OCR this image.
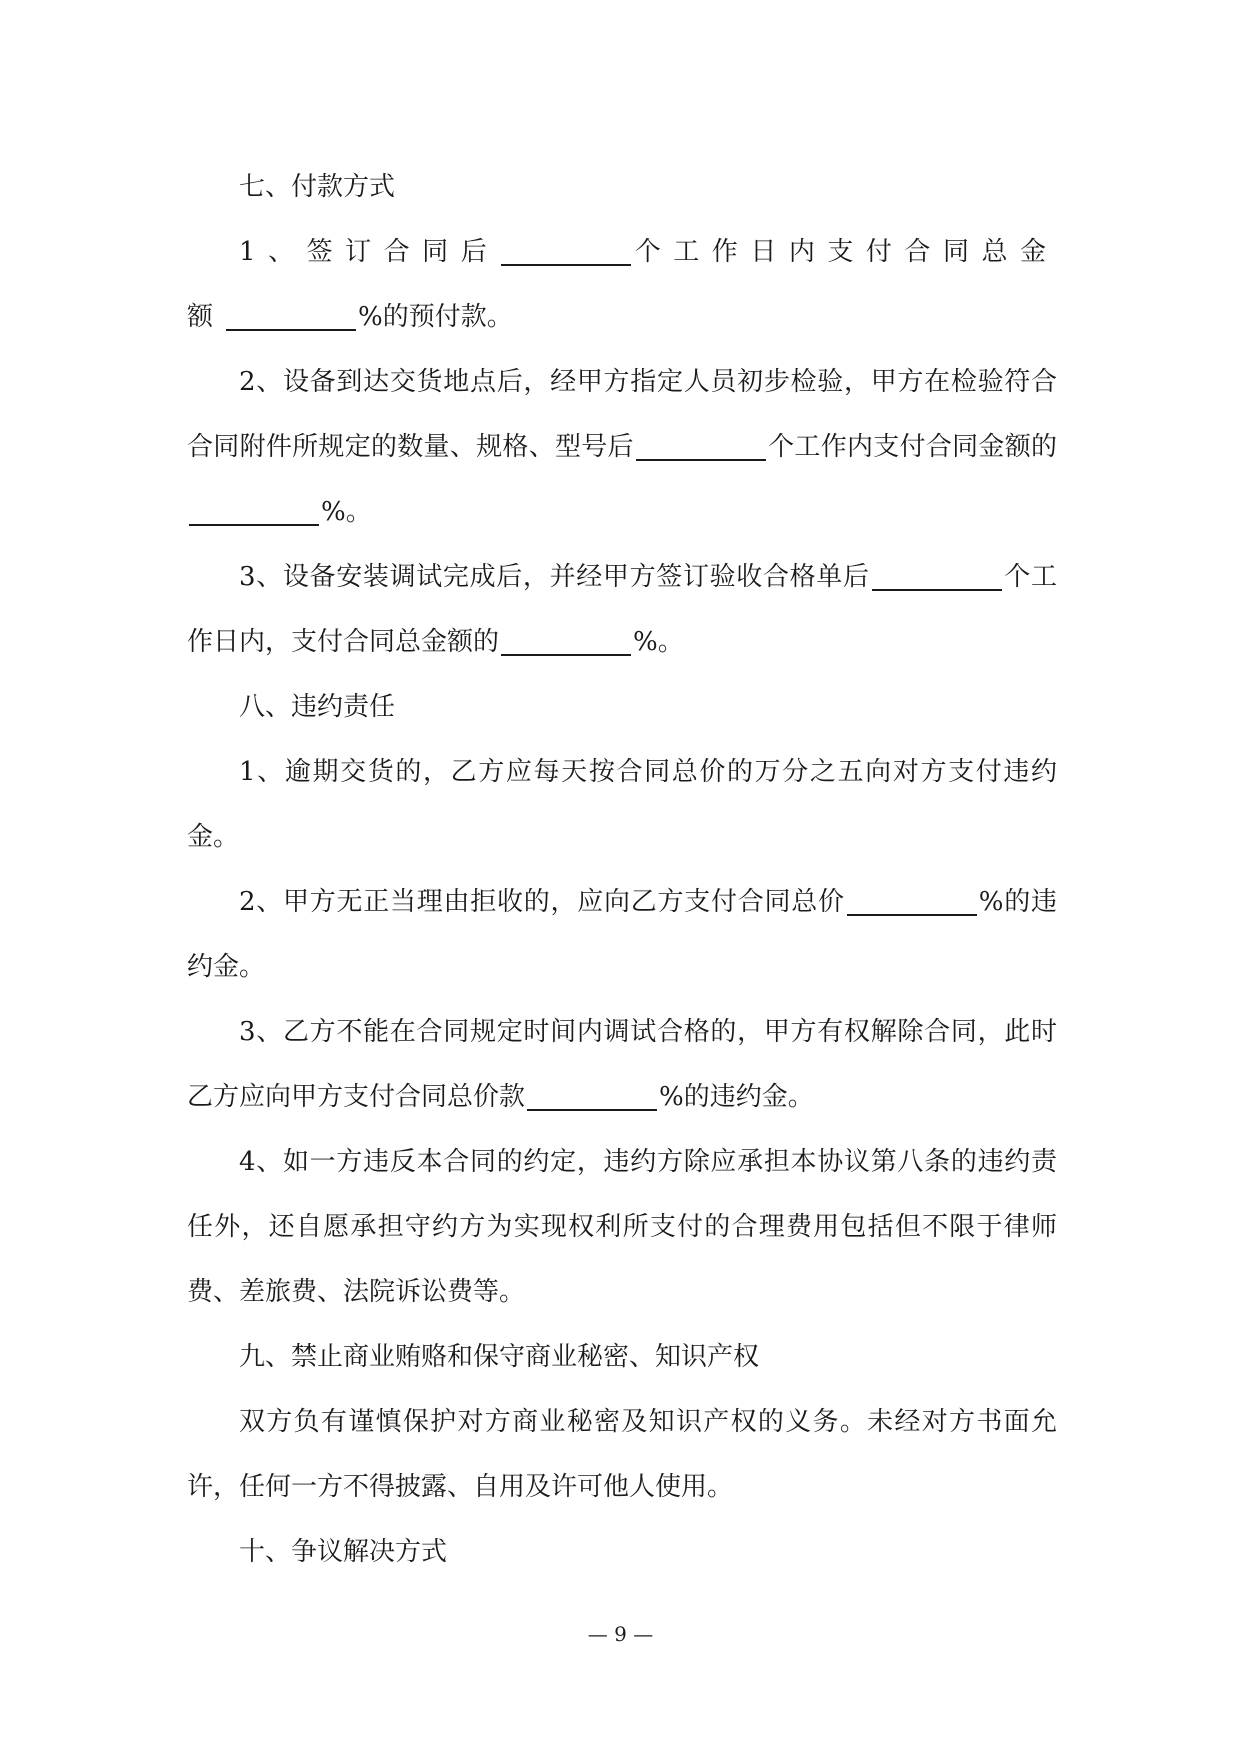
七、付款方式

1、签订合同后	个工作日内支付合同总金额	%的预付款。

2、设备到达交货地点后，经甲方指定人员初步检验，甲方在检验符合合同附件所规定的数量、规格、型号后	个工作内支付合同金额的%。

3、设备安装调试完成后，并经甲方签订验收合格单后	个工作日内，支付合同总金额的	%。

八、违约责任

1、逾期交货的，乙方应每天按合同总价的万分之五向对方支付违约金。

2、甲方无正当理由拒收的，应向乙方支付合同总价	%的违约金。

3、乙方不能在合同规定时间内调试合格的，甲方有权解除合同，此时乙方应向甲方支付合同总价款	%的违约金。

4、如一方违反本合同的约定，违约方除应承担本协议第八条的违约责任外，还自愿承担守约方为实现权利所支付的合理费用包括但不限于律师费、差旅费、法院诉讼费等。

九、禁止商业贿赂和保守商业秘密、知识产权

双方负有谨慎保护对方商业秘密及知识产权的义务。未经对方书面允许，任何一方不得披露、自用及许可他人使用。

十、争议解决方式

— 9 —
